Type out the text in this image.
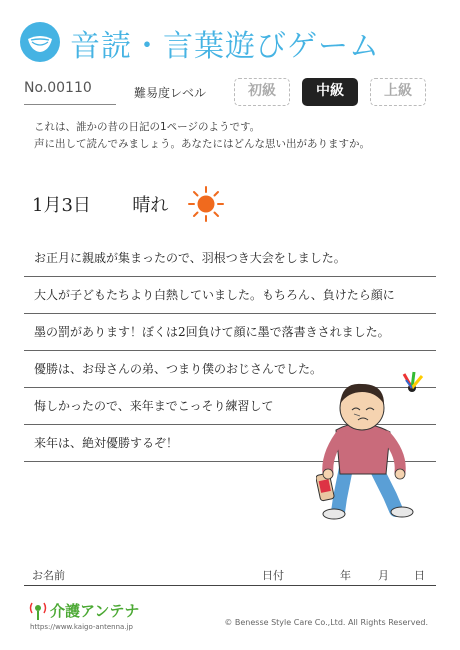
音読・言葉遊びゲーム
No.00110	難易度レベル	初級	中級	上級
これは、誰かの昔の日記の1ページのようです。
声に出して読んでみましょう。あなたにはどんな思い出がありますか。
1月3日 晴れ
お正月に親戚が集まったので、羽根つき大会をしました。
大人が子どもたちより白熱していました。もちろん、負けたら顔に
墨の罰があります！ぼくは2回負けて顔に墨で落書きされました。
優勝は、お母さんの弟、つまり僕のおじさんでした。
悔しかったので、来年までこっそり練習して
来年は、絶対優勝するぞ！
お名前	日付	年 月 日
介護アンテナ
https://www.kaigo-antenna.jp	© Benesse Style Care Co.,Ltd. All Rights Reserved.
